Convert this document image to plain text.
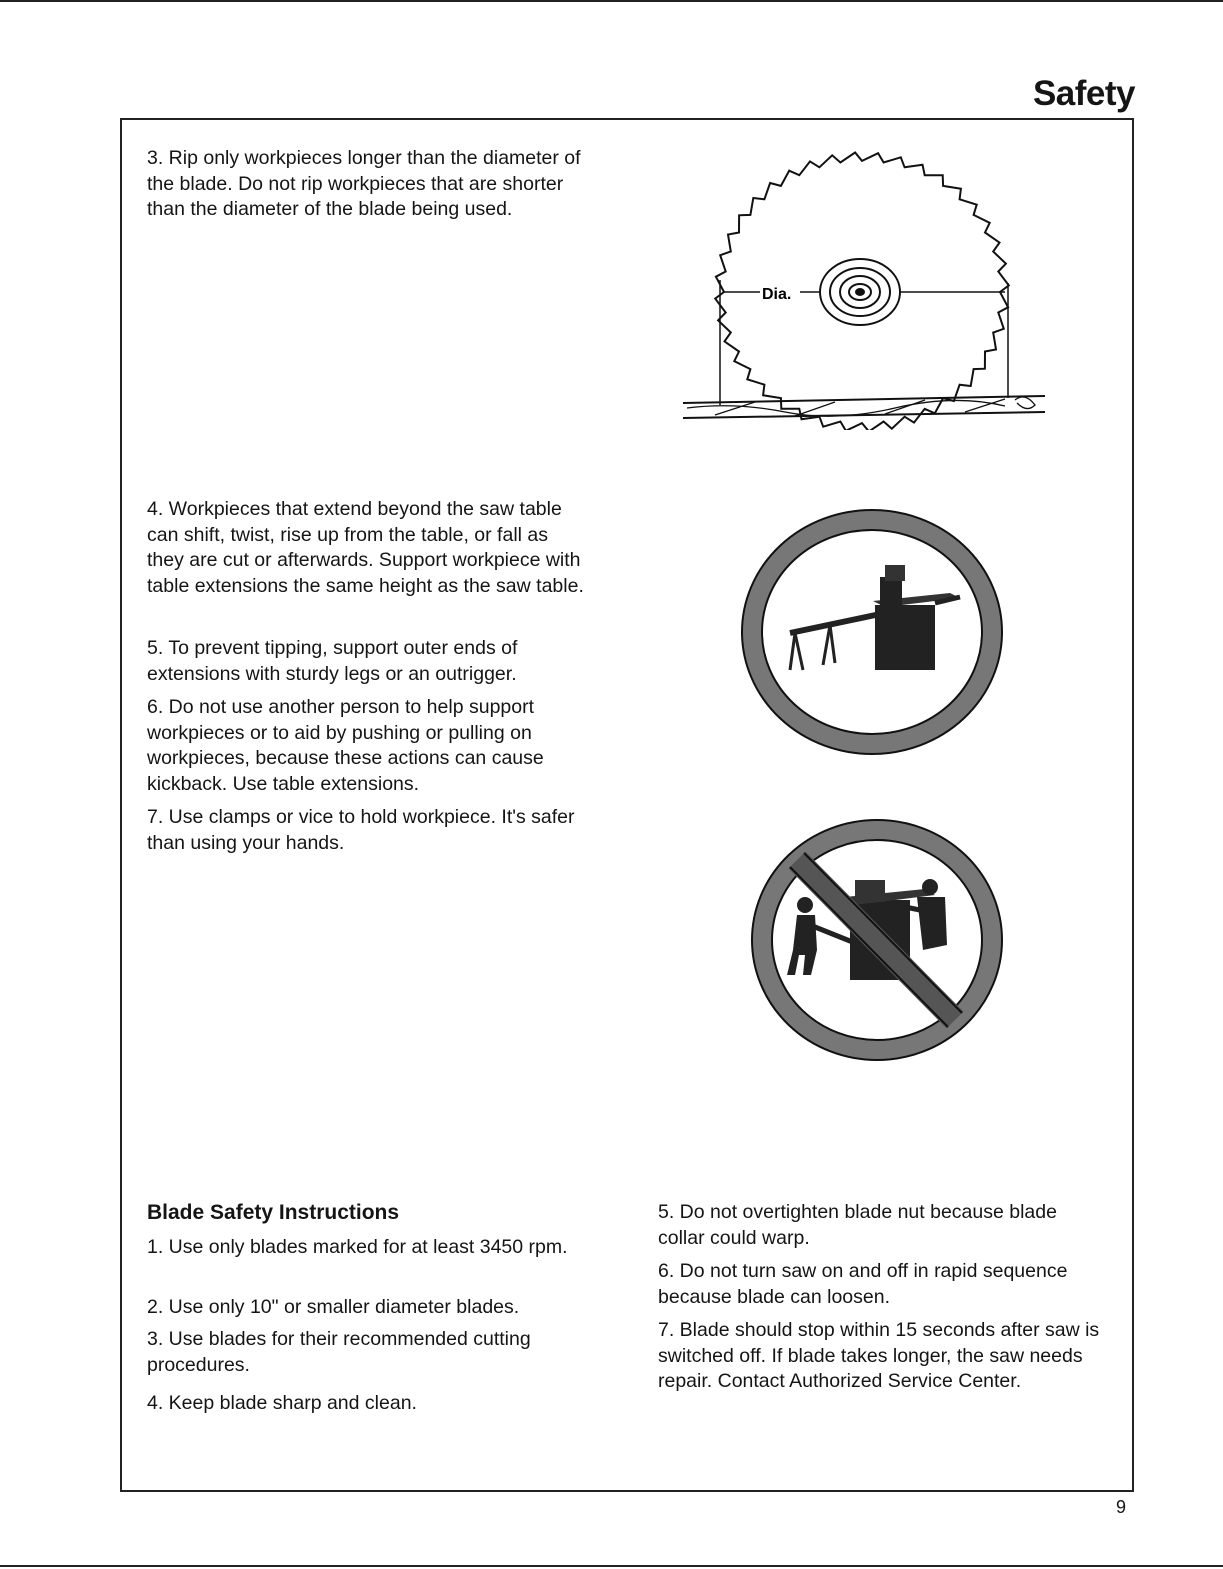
Safety

3. Rip only workpieces longer than the diameter of the blade. Do not rip workpieces that are shorter than the diameter of the blade being used.

4. Workpieces that extend beyond the saw table can shift, twist, rise up from the table, or fall as they are cut or afterwards. Support workpiece with table extensions the same height as the saw table.

5. To prevent tipping, support outer ends of extensions with sturdy legs or an outrigger.

6. Do not use another person to help support workpieces or to aid by pushing or pulling on workpieces, because these actions can cause kickback. Use table extensions.

7. Use clamps or vice to hold workpiece. It's safer than using your hands.

Dia.
Blade Safety Instructions

1. Use only blades marked for at least 3450 rpm.

2. Use only 10" or smaller diameter blades.

3. Use blades for their recommended cutting procedures.

4. Keep blade sharp and clean.

5. Do not overtighten blade nut because blade collar could warp.

6. Do not turn saw on and off in rapid sequence because blade can loosen.

7. Blade should stop within 15 seconds after saw is switched off. If blade takes longer, the saw needs repair. Contact Authorized Service Center.

9
